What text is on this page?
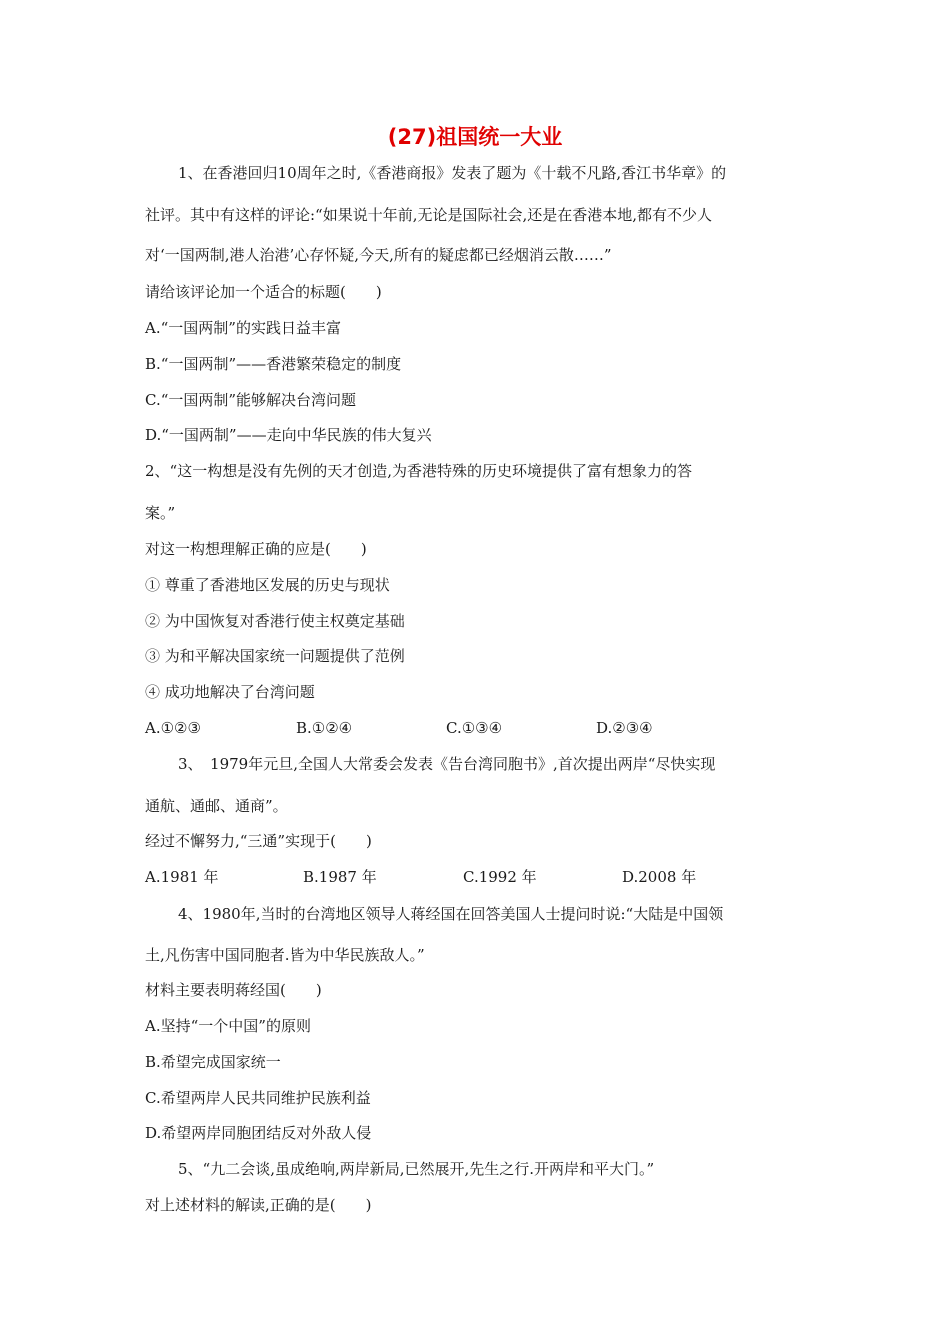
(27)祖国统一大业
1、在香港回归10周年之时,《香港商报》发表了题为《十载不凡路,香江书华章》的
社评。其中有这样的评论:“如果说十年前,无论是国际社会,还是在香港本地,都有不少人
对‘一国两制,港人治港’心存怀疑,今天,所有的疑虑都已经烟消云散……”
请给该评论加一个适合的标题(　　)
A.“一国两制”的实践日益丰富
B.“一国两制”——香港繁荣稳定的制度
C.“一国两制”能够解决台湾问题
D.“一国两制”——走向中华民族的伟大复兴
2、“这一构想是没有先例的天才创造,为香港特殊的历史环境提供了富有想象力的答
案。”
对这一构想理解正确的应是(　　)
① 尊重了香港地区发展的历史与现状
② 为中国恢复对香港行使主权奠定基础
③ 为和平解决国家统一问题提供了范例
④ 成功地解决了台湾问题
A.①②③	B.①②④	C.①③④	D.②③④
3、　1979年元旦,全国人大常委会发表《告台湾同胞书》,首次提出两岸“尽快实现
通航、通邮、通商”。
经过不懈努力,“三通”实现于(　　)
A.1981 年	B.1987 年	C.1992 年	D.2008 年
4、1980年,当时的台湾地区领导人蒋经国在回答美国人士提问时说:“大陆是中国领
土,凡伤害中国同胞者.皆为中华民族敌人。”
材料主要表明蒋经国(　　)
A.坚持“一个中国”的原则
B.希望完成国家统一
C.希望两岸人民共同维护民族利益
D.希望两岸同胞团结反对外敌人侵
5、“九二会谈,虽成绝响,两岸新局,已然展开,先生之行.开两岸和平大门。”
对上述材料的解读,正确的是(　　)
